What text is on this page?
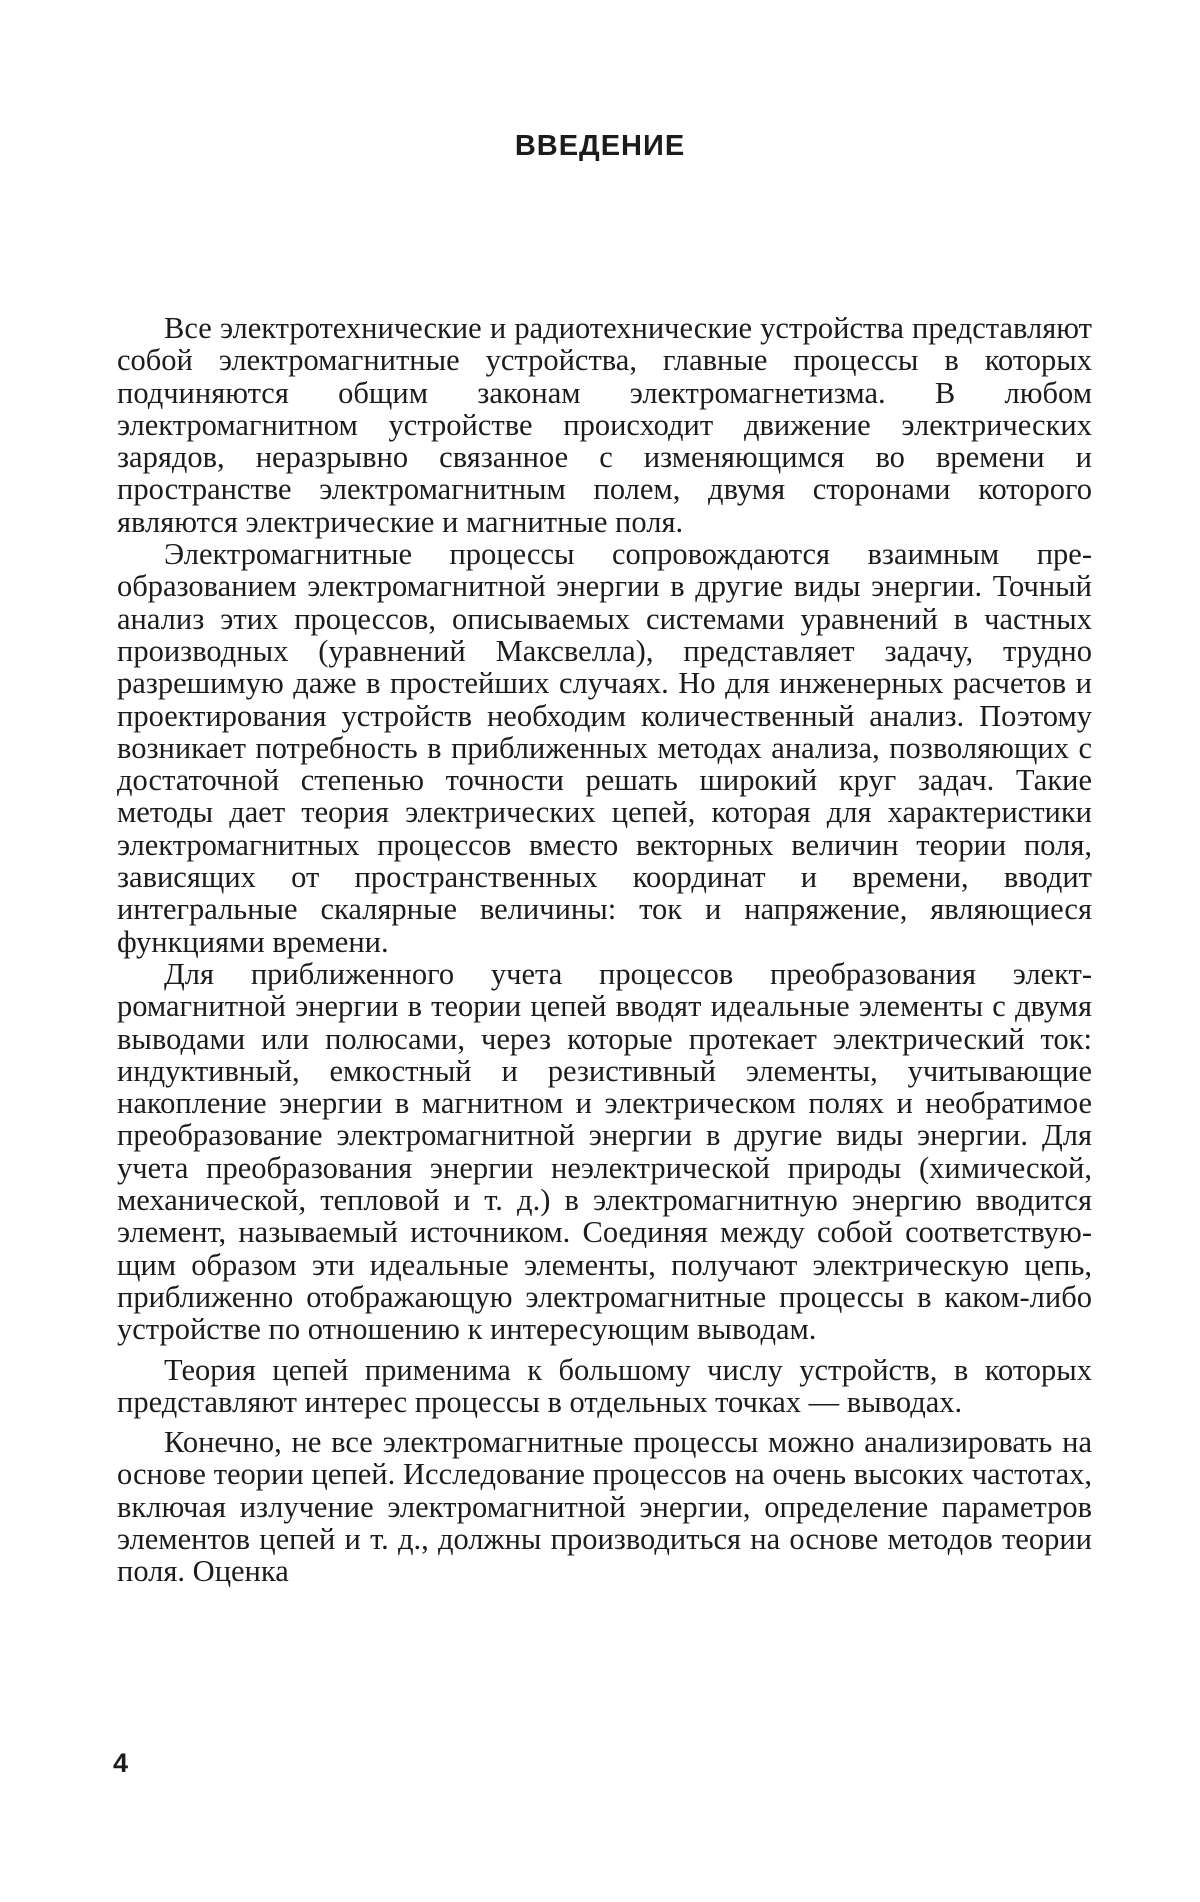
ВВЕДЕНИЕ

Все электротехнические и радиотехнические устройства представляют собой электромагнитные устройства, главные процессы в которых подчиняются общим законам электромагнетизма. В любом электромагнитном устройстве происходит движение электрических зарядов, неразрывно связанное с изменяющимся во времени и пространстве электромагнитным полем, двумя сторонами которого являются электрические и магнитные поля.

Электромагнитные процессы сопровождаются взаимным преобразованием электромагнитной энергии в другие виды энергии. Точный анализ этих процессов, описываемых системами уравнений в частных производных (уравнений Максвелла), представляет задачу, трудно разрешимую даже в простейших случаях. Но для инженерных расчетов и проектирования устройств необходим количественный анализ. Поэтому возникает потребность в приближенных методах анализа, позволяющих с достаточной степенью точности решать широкий круг задач. Такие методы дает теория электрических цепей, которая для характеристики электромагнитных процессов вместо векторных величин теории поля, зависящих от пространственных координат и времени, вводит интегральные скалярные величины: ток и напряжение, являющиеся функциями времени.

Для приближенного учета процессов преобразования электромагнитной энергии в теории цепей вводят идеальные элементы с двумя выводами или полюсами, через которые протекает электрический ток: индуктивный, емкостный и резистивный элементы, учитывающие накопление энергии в магнитном и электрическом полях и необратимое преобразование электромагнитной энергии в другие виды энергии. Для учета преобразования энергии неэлектрической природы (химической, механической, тепловой и т. д.) в электромагнитную энергию вводится элемент, называемый источником. Соединяя между собой соответствующим образом эти идеальные элементы, получают электрическую цепь, приближенно отображающую электромагнитные процессы в каком-либо устройстве по отношению к интересующим выводам.

Теория цепей применима к большому числу устройств, в которых представляют интерес процессы в отдельных точках — выводах.

Конечно, не все электромагнитные процессы можно анализировать на основе теории цепей. Исследование процессов на очень высоких частотах, включая излучение электромагнитной энергии, определение параметров элементов цепей и т. д., должны производиться на основе методов теории поля. Оценка

4
